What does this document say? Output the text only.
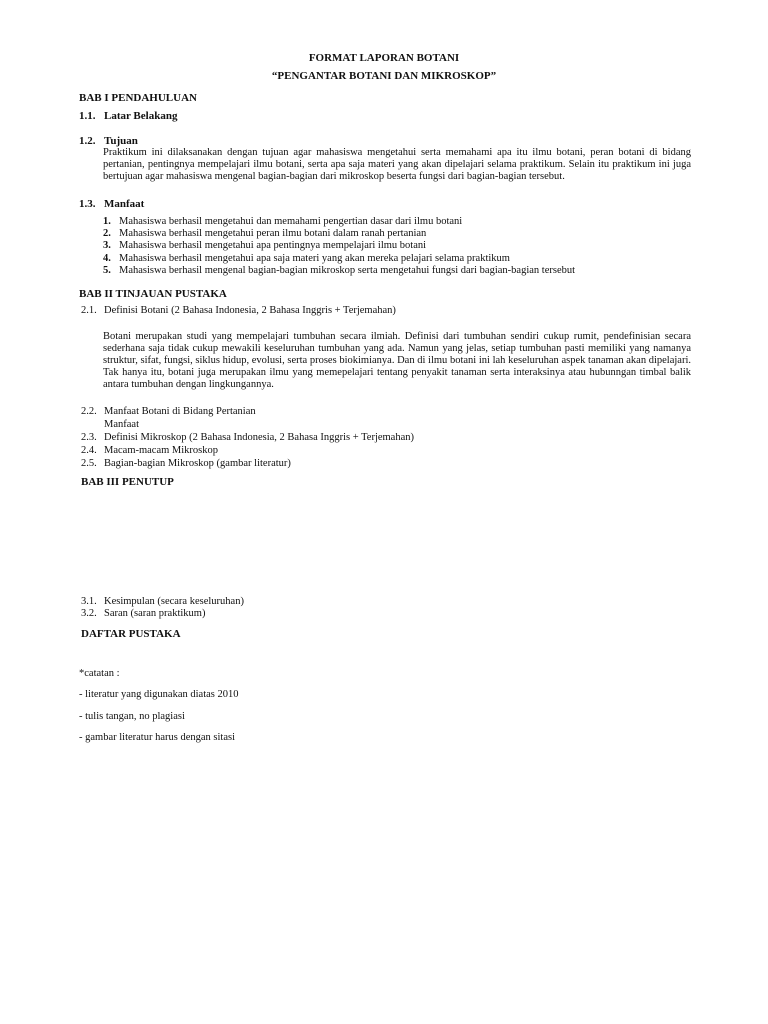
FORMAT LAPORAN BOTANI
“PENGANTAR BOTANI DAN MIKROSKOP”
BAB I PENDAHULUAN
1.1. Latar Belakang
1.2. Tujuan

Praktikum ini dilaksanakan dengan tujuan agar mahasiswa mengetahui serta memahami apa itu ilmu botani, peran botani di bidang pertanian, pentingnya mempelajari ilmu botani, serta apa saja materi yang akan dipelajari selama praktikum. Selain itu praktikum ini juga bertujuan agar mahasiswa mengenal bagian-bagian dari mikroskop beserta fungsi dari bagian-bagian tersebut.

1.3. Manfaat
1. Mahasiswa berhasil mengetahui dan memahami pengertian dasar dari ilmu botani
2. Mahasiswa berhasil mengetahui peran ilmu botani dalam ranah pertanian
3. Mahasiswa berhasil mengetahui apa pentingnya mempelajari ilmu botani
4. Mahasiswa berhasil mengetahui apa saja materi yang akan mereka pelajari selama praktikum
5. Mahasiswa berhasil mengenal bagian-bagian mikroskop serta mengetahui fungsi dari bagian-bagian tersebut
BAB II TINJAUAN PUSTAKA
2.1. Definisi Botani (2 Bahasa Indonesia, 2 Bahasa Inggris + Terjemahan)

Botani merupakan studi yang mempelajari tumbuhan secara ilmiah. Definisi dari tumbuhan sendiri cukup rumit, pendefinisian secara sederhana saja tidak cukup mewakili keseluruhan tumbuhan yang ada. Namun yang jelas, setiap tumbuhan pasti memiliki yang namanya struktur, sifat, fungsi, siklus hidup, evolusi, serta proses biokimianya. Dan di ilmu botani ini lah keseluruhan aspek tanaman akan dipelajari. Tak hanya itu, botani juga merupakan ilmu yang memepelajari tentang penyakit tanaman serta interaksinya atau hubunngan timbal balik antara tumbuhan dengan lingkungannya.

2.2. Manfaat Botani di Bidang Pertanian
Manfaat
2.3. Definisi Mikroskop (2 Bahasa Indonesia, 2 Bahasa Inggris + Terjemahan)
2.4. Macam-macam Mikroskop
2.5. Bagian-bagian Mikroskop (gambar literatur)
BAB III PENUTUP
3.1. Kesimpulan (secara keseluruhan)
3.2. Saran (saran praktikum)
DAFTAR PUSTAKA
*catatan :
- literatur yang digunakan diatas 2010
- tulis tangan, no plagiasi
- gambar literatur harus dengan sitasi
